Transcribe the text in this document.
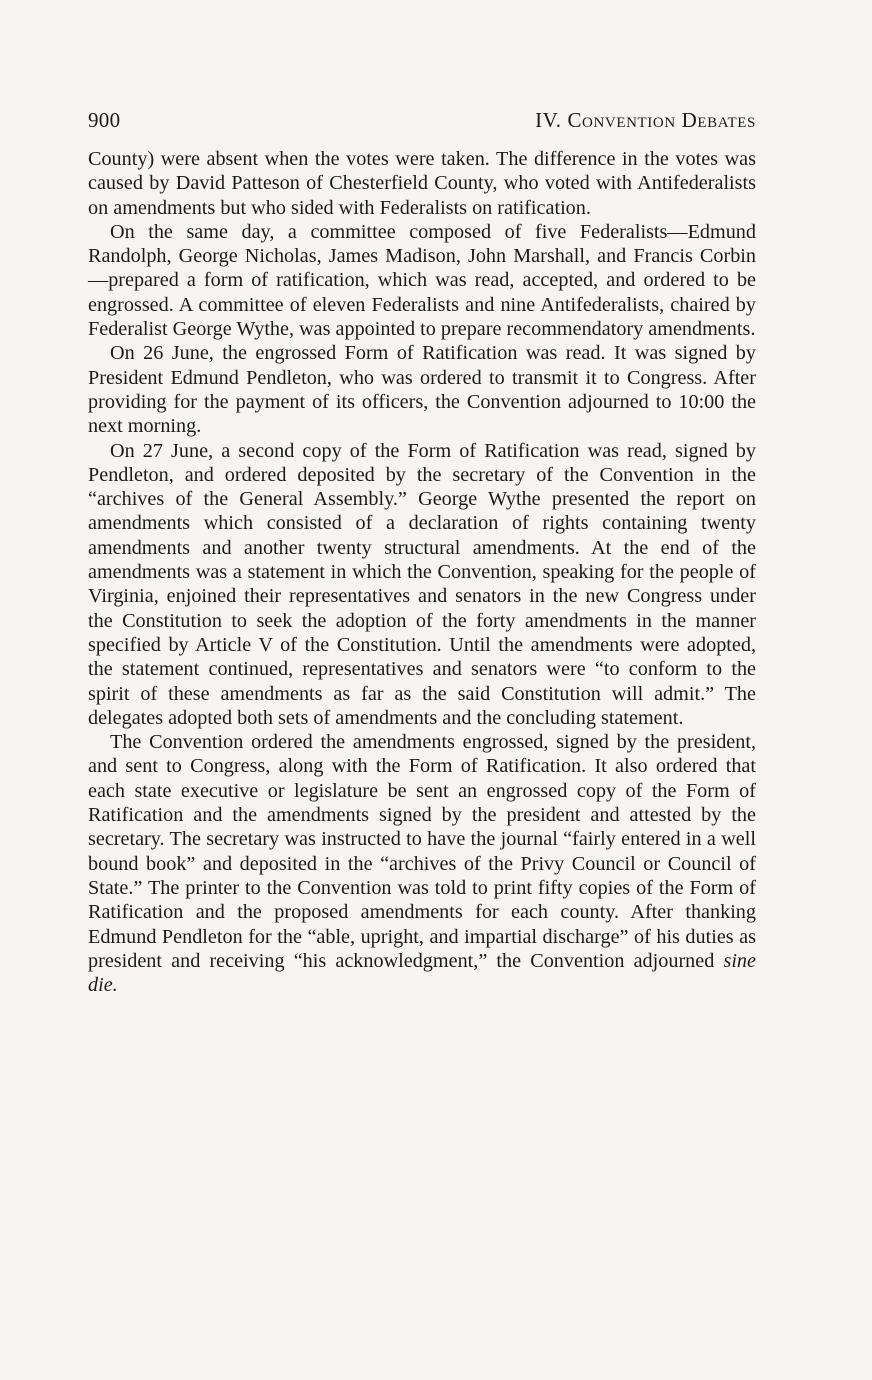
900	IV. Convention Debates

County) were absent when the votes were taken. The difference in the votes was caused by David Patteson of Chesterfield County, who voted with Antifederalists on amendments but who sided with Federalists on ratification.

On the same day, a committee composed of five Federalists—Edmund Randolph, George Nicholas, James Madison, John Marshall, and Francis Corbin—prepared a form of ratification, which was read, accepted, and ordered to be engrossed. A committee of eleven Federalists and nine Antifederalists, chaired by Federalist George Wythe, was appointed to prepare recommendatory amendments.

On 26 June, the engrossed Form of Ratification was read. It was signed by President Edmund Pendleton, who was ordered to transmit it to Congress. After providing for the payment of its officers, the Convention adjourned to 10:00 the next morning.

On 27 June, a second copy of the Form of Ratification was read, signed by Pendleton, and ordered deposited by the secretary of the Convention in the “archives of the General Assembly.” George Wythe presented the report on amendments which consisted of a declaration of rights containing twenty amendments and another twenty structural amendments. At the end of the amendments was a statement in which the Convention, speaking for the people of Virginia, enjoined their representatives and senators in the new Congress under the Constitution to seek the adoption of the forty amendments in the manner specified by Article V of the Constitution. Until the amendments were adopted, the statement continued, representatives and senators were “to conform to the spirit of these amendments as far as the said Constitution will admit.” The delegates adopted both sets of amendments and the concluding statement.

The Convention ordered the amendments engrossed, signed by the president, and sent to Congress, along with the Form of Ratification. It also ordered that each state executive or legislature be sent an engrossed copy of the Form of Ratification and the amendments signed by the president and attested by the secretary. The secretary was instructed to have the journal “fairly entered in a well bound book” and deposited in the “archives of the Privy Council or Council of State.” The printer to the Convention was told to print fifty copies of the Form of Ratification and the proposed amendments for each county. After thanking Edmund Pendleton for the “able, upright, and impartial discharge” of his duties as president and receiving “his acknowledgment,” the Convention adjourned sine die.
